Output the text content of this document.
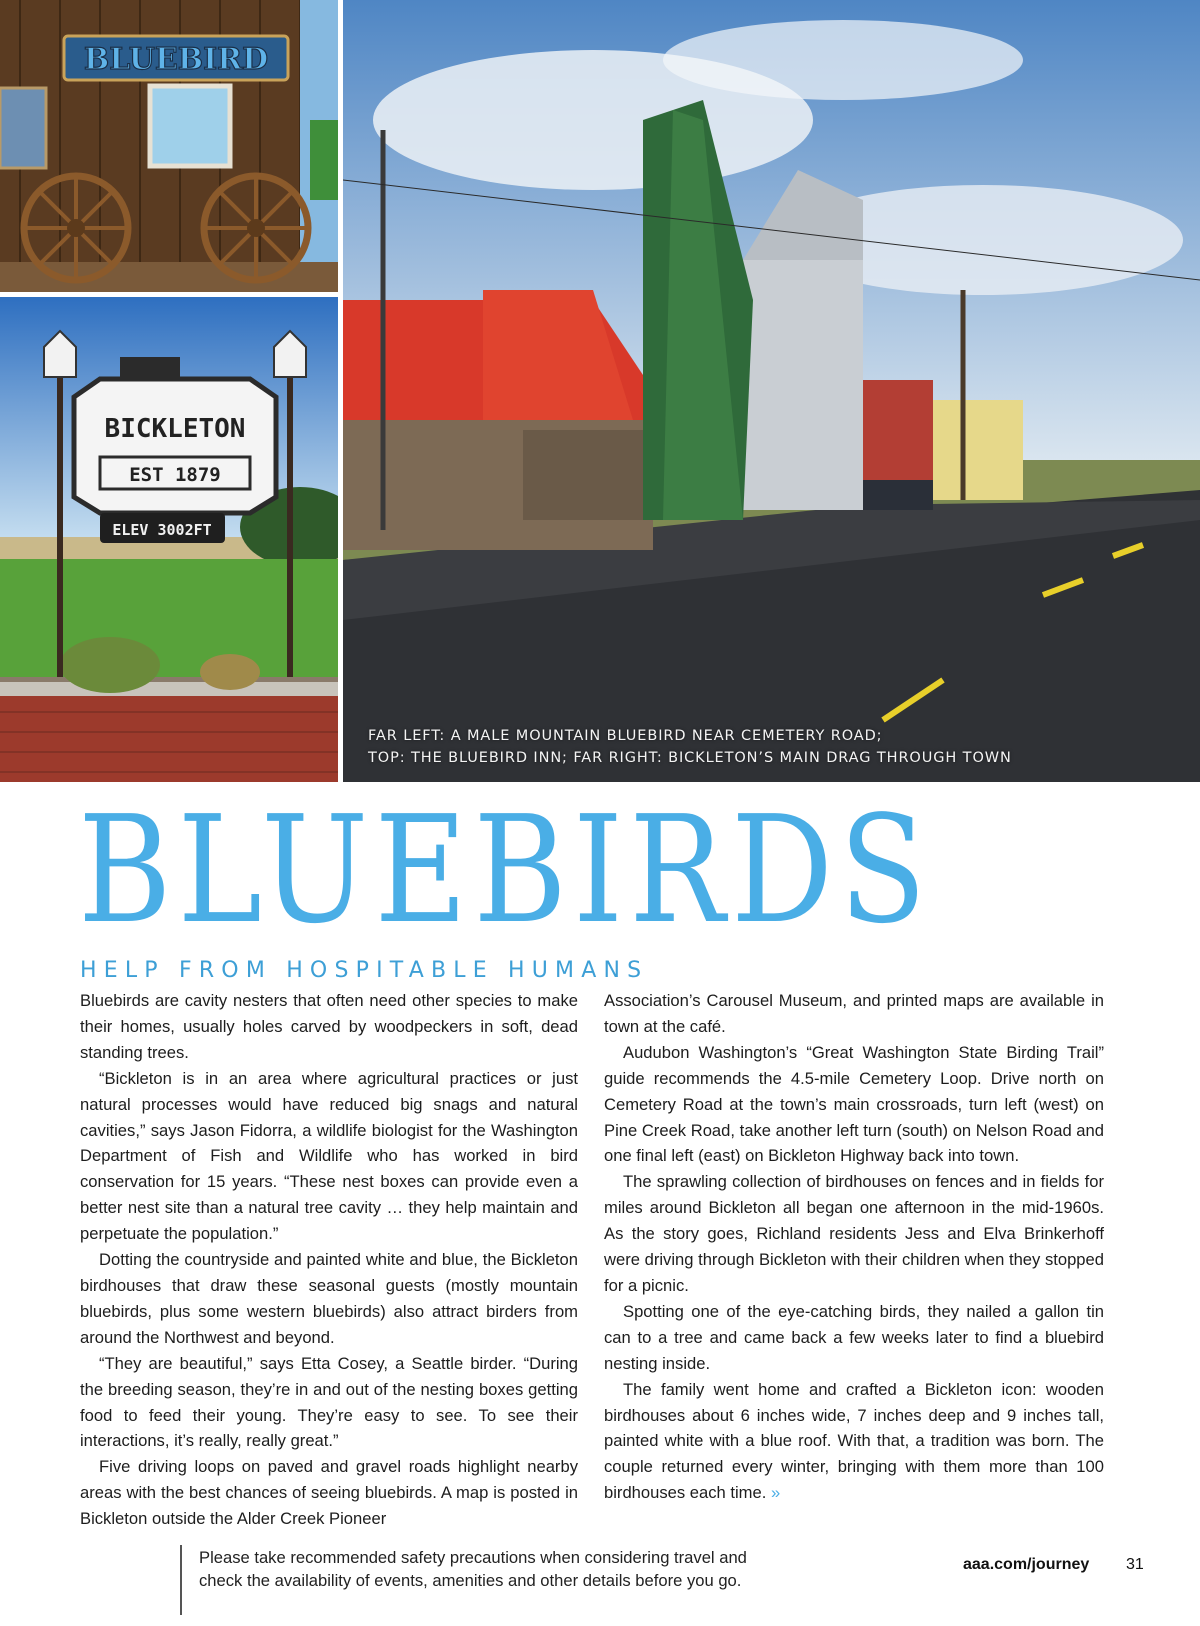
BLUEBIRD
BICKLETON
EST 1879
ELEV 3002FT
FAR LEFT: A MALE MOUNTAIN BLUEBIRD NEAR CEMETERY ROAD;
TOP: THE BLUEBIRD INN; FAR RIGHT: BICKLETON’S MAIN DRAG THROUGH TOWN
BLUEBIRDS
HELP FROM HOSPITABLE HUMANS

Bluebirds are cavity nesters that often need other species to make their homes, usually holes carved by woodpeckers in soft, dead standing trees.

“Bickleton is in an area where agricultural practices or just natural processes would have reduced big snags and natural cavities,” says Jason Fidorra, a wildlife biologist for the Washington Department of Fish and Wildlife who has worked in bird conservation for 15 years. “These nest boxes can provide even a better nest site than a natural tree cavity … they help maintain and perpetuate the population.”

Dotting the countryside and painted white and blue, the Bickleton birdhouses that draw these seasonal guests (mostly mountain bluebirds, plus some western bluebirds) also attract birders from around the Northwest and beyond.

“They are beautiful,” says Etta Cosey, a Seattle birder. “During the breeding season, they’re in and out of the nesting boxes getting food to feed their young. They’re easy to see. To see their interactions, it’s really, really great.”

Five driving loops on paved and gravel roads highlight nearby areas with the best chances of seeing bluebirds. A map is posted in Bickleton outside the Alder Creek Pioneer

Association’s Carousel Museum, and printed maps are available in town at the café.

Audubon Washington’s “Great Washington State Birding Trail” guide recommends the 4.5-mile Cemetery Loop. Drive north on Cemetery Road at the town’s main crossroads, turn left (west) on Pine Creek Road, take another left turn (south) on Nelson Road and one final left (east) on Bickleton Highway back into town.

The sprawling collection of birdhouses on fences and in fields for miles around Bickleton all began one afternoon in the mid-1960s. As the story goes, Richland residents Jess and Elva Brinkerhoff were driving through Bickleton with their children when they stopped for a picnic.

Spotting one of the eye-catching birds, they nailed a gallon tin can to a tree and came back a few weeks later to find a bluebird nesting inside.

The family went home and crafted a Bickleton icon: wooden birdhouses about 6 inches wide, 7 inches deep and 9 inches tall, painted white with a blue roof. With that, a tradition was born. The couple returned every winter, bringing with them more than 100 birdhouses each time. »

Please take recommended safety precautions when considering travel and
check the availability of events, amenities and other details before you go.
aaa.com/journey 31
